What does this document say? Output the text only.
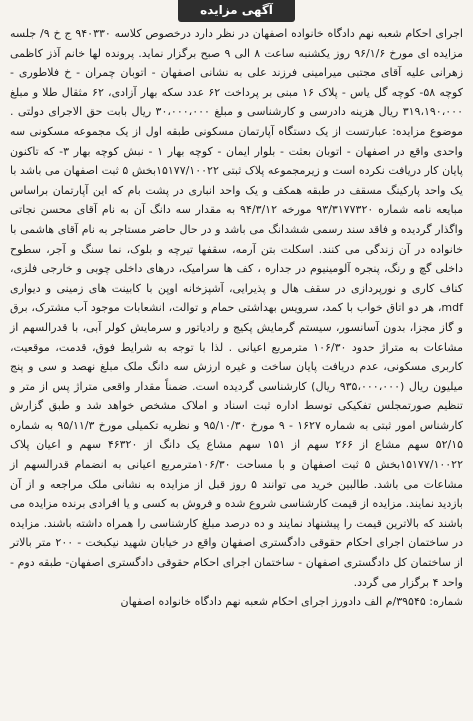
آگهی مزایده

اجرای احکام شعبه نهم دادگاه خانواده اصفهان در نظر دارد درخصوص کلاسه ۹۴۰۳۳۰ ج خ ۹/ جلسه مزایده ای مورخ ۹۶/۱/۶ روز یکشنبه ساعت ۸ الی ۹ صبح برگزار نماید. پرونده لها خانم آذز کاظمی زهرانی علیه آقای مجتبی میرامینی فرزند علی به نشانی اصفهان - اتوبان چمران - خ فلاطوری - کوچه ۵۸- کوچه گل یاس - پلاک ۱۶ مبنی بر پرداخت ۶۲ عدد سکه بهار آزادی، ۶۲ مثقال طلا و مبلغ ۳۱۹،۱۹۰،۰۰۰ ریال هزینه دادرسی و کارشناسی و مبلغ ۳۰،۰۰۰،۰۰۰ ریال بابت حق الاجرای دولتی . موضوع مزایده: عبارتست از یک دستگاه آپارتمان مسکونی طبقه اول از یک مجموعه مسکونی سه واحدی واقع در اصفهان - اتوبان بعثت - بلوار ایمان - کوچه بهار ۱ - نبش کوچه بهار ۳- که تاکنون پایان کار دریافت نکرده است و زیرمجموعه پلاک ثبتی ۱۵۱۷۷/۱۰۰۲۲بخش ۵ ثبت اصفهان می باشد با یک واحد پارکینگ مسقف در طبقه همکف و یک واحد انباری در پشت بام که این آپارتمان براساس مبایعه نامه شماره ۹۳/۳۱۷۷۳۲۰ مورخه ۹۴/۳/۱۲ به مقدار سه دانگ آن به نام آقای محسن نجاتی واگذار گردیده و فاقد سند رسمی ششدانگ می باشد و در حال حاضر مستاجر به نام آقای هاشمی با خانواده در آن زندگی می کنند. اسکلت بتن آرمه، سقفها تیرچه و بلوک، نما سنگ و آجر، سطوح داخلی گچ و رنگ، پنجره آلومینیوم در جداره ، کف ها سرامیک، درهای داخلی چوبی و خارجی فلزی، کناف کاری و نورپردازی در سقف هال و پذیرایی، آشپزخانه اوپن با کابینت های زمینی و دیواری mdf، هر دو اتاق خواب با کمد، سرویس بهداشتی حمام و توالت، انشعابات موجود آب مشترک، برق و گاز مجزا، بدون آسانسور، سیستم گرمایش پکیج و رادیاتور و سرمایش کولر آبی، با قدرالسهم از مشاعات به متراژ حدود ۱۰۶/۳۰ مترمربع اعیانی . لذا با توجه به شرایط فوق، قدمت، موقعیت، کاربری مسکونی، عدم دریافت پایان ساخت و غیره ارزش سه دانگ ملک مبلغ نهصد و سی و پنج میلیون ریال (۹۳۵،۰۰۰،۰۰۰ ریال) کارشناسی گردیده است. ضمناً مقدار واقعی متراژ پس از متر و تنظیم صورتمجلس تفکیکی توسط اداره ثبت اسناد و املاک مشخص خواهد شد و طبق گزارش کارشناس امور ثبتی به شماره ۱۶۲۷ - ۹ مورخ ۹۵/۱۰/۳۰ و نظریه تکمیلی مورخ ۹۵/۱۱/۳ به شماره ۵۲/۱۵ سهم مشاع از ۲۶۶ سهم از ۱۵۱ سهم مشاع یک دانگ از ۴۶۳۲۰ سهم و اعیان پلاک ۱۵۱۷۷/۱۰۰۲۲بخش ۵ ثبت اصفهان و با مساحت ۱۰۶/۳۰مترمربع اعیانی به انضمام قدرالسهم از مشاعات می باشد. طالبین خرید می توانند ۵ روز قبل از مزایده به نشانی ملک مراجعه و از آن بازدید نمایند. مزایده از قیمت کارشناسی شروع شده و فروش به کسی و یا افرادی برنده مزایده می باشند که بالاترین قیمت را پیشنهاد نمایند و ده درصد مبلغ کارشناسی را همراه داشته باشند. مزایده در ساختمان اجرای احکام حقوقی دادگستری اصفهان واقع در خیابان شهید نیکبخت - ۲۰۰ متر بالاتر از ساختمان کل دادگستری اصفهان - ساختمان اجرای احکام حقوقی دادگستری اصفهان- طبقه دوم - واحد ۴ برگزار می گردد.

شماره: ۳۹۵۴۵/م الف دادورز اجرای احکام شعبه نهم دادگاه خانواده اصفهان
